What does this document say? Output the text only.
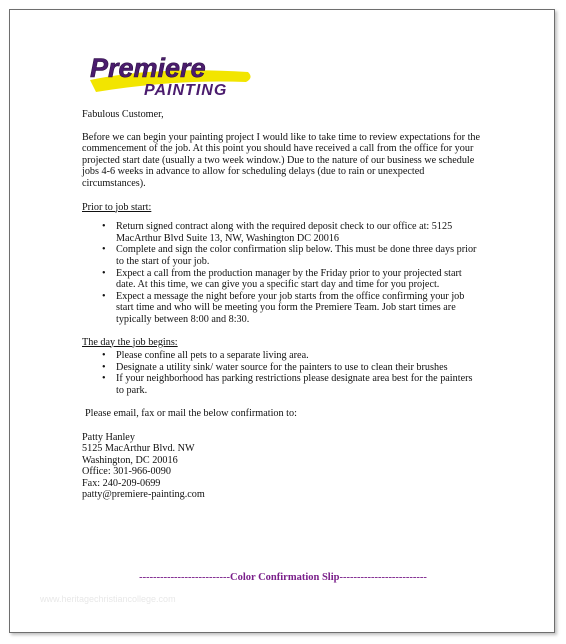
Premiere
PAINTING

Fabulous Customer,

Before we can begin your painting project I would like to take time to review expectations for the commencement of the job. At this point you should have received a call from the office for your projected start date (usually a two week window.) Due to the nature of our business we schedule jobs 4-6 weeks in advance to allow for scheduling delays (due to rain or unexpected circumstances).

Prior to job start:

• Return signed contract along with the required deposit check to our office at: 5125 MacArthur Blvd Suite 13, NW, Washington DC 20016
• Complete and sign the color confirmation slip below. This must be done three days prior to the start of your job.
• Expect a call from the production manager by the Friday prior to your projected start date. At this time, we can give you a specific start day and time for you project.
• Expect a message the night before your job starts from the office confirming your job start time and who will be meeting you form the Premiere Team. Job start times are typically between 8:00 and 8:30.

The day the job begins:

• Please confine all pets to a separate living area.
• Designate a utility sink/ water source for the painters to use to clean their brushes
• If your neighborhood has parking restrictions please designate area best for the painters to park.

Please email, fax or mail the below confirmation to:

Patty Hanley
5125 MacArthur Blvd. NW
Washington, DC 20016
Office: 301-966-0090
Fax: 240-209-0699
patty@premiere-painting.com
--------------------------Color Confirmation Slip-------------------------
www.heritagechristiancollege.com
